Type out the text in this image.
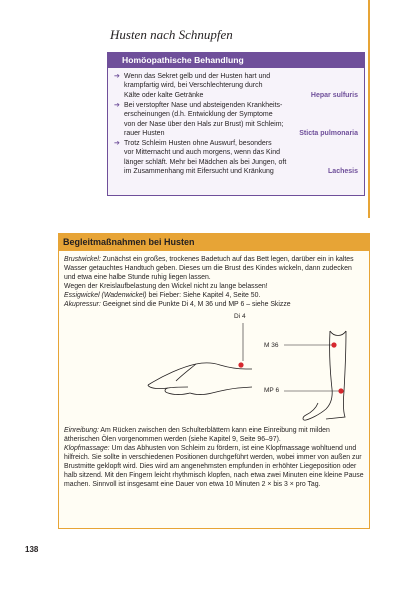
Husten nach Schnupfen
Homöopathische Behandlung
➔ Wenn das Sekret gelb und der Husten hart und
krampfartig wird, bei Verschlechterung durch
Kälte oder kalte Getränke	Hepar sulfuris
➔ Bei verstopfter Nase und absteigenden Krankheits-
erscheinungen (d.h. Entwicklung der Symptome
von der Nase über den Hals zur Brust) mit Schleim;
rauer Husten	Sticta pulmonaria
➔ Trotz Schleim Husten ohne Auswurf, besonders
vor Mitternacht und auch morgens, wenn das Kind
länger schläft. Mehr bei Mädchen als bei Jungen, oft
im Zusammenhang mit Eifersucht und Kränkung	Lachesis
Begleitmaßnahmen bei Husten

Brustwickel: Zunächst ein großes, trockenes Badetuch auf das Bett legen, darüber ein in kaltes Wasser getauchtes Handtuch geben. Dieses um die Brust des Kindes wickeln, dann zudecken und etwa eine halbe Stunde ruhig liegen lassen.

Wegen der Kreislaufbelastung den Wickel nicht zu lange belassen!

Essigwickel (Wadenwickel) bei Fieber: Siehe Kapitel 4, Seite 50.

Akupressur: Geeignet sind die Punkte Di 4, M 36 und MP 6 – siehe Skizze

Di 4
M 36
MP 6

Einreibung: Am Rücken zwischen den Schulterblättern kann eine Einreibung mit milden ätherischen Ölen vorgenommen werden (siehe Kapitel 9, Seite 96–97).

Klopfmassage: Um das Abhusten von Schleim zu fördern, ist eine Klopfmassage wohltuend und hilfreich. Sie sollte in verschiedenen Positionen durchgeführt werden, wobei immer von außen zur Brustmitte geklopft wird. Dies wird am angenehmsten empfunden in erhöhter Liegeposition oder halb sitzend. Mit den Fingern leicht rhythmisch klopfen, nach etwa zwei Minuten eine kleine Pause machen. Sinnvoll ist insgesamt eine Dauer von etwa 10 Minuten 2 × bis 3 × pro Tag.

138
